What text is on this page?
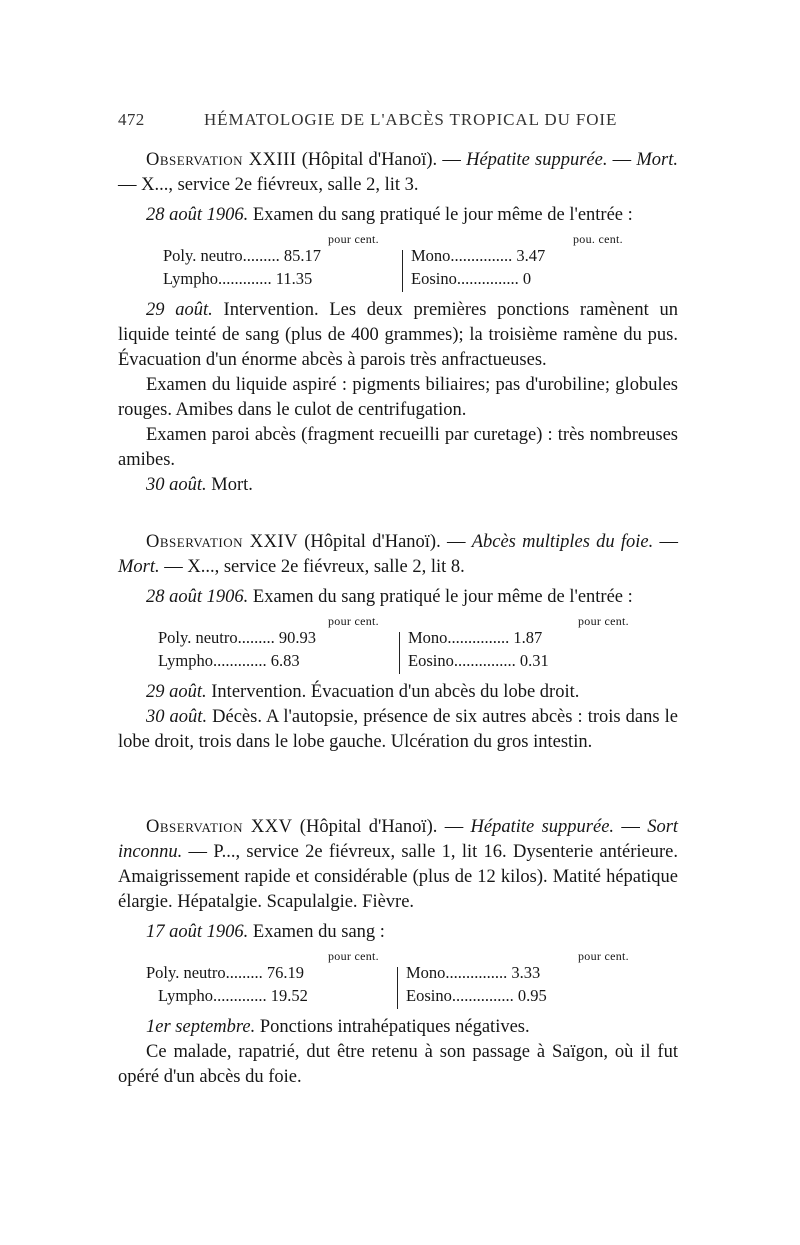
472	HÉMATOLOGIE DE L'ABCÈS TROPICAL DU FOIE

Observation XXIII (Hôpital d'Hanoï). — Hépatite suppurée. — Mort. — X..., service 2e fiévreux, salle 2, lit 3.

28 août 1906. Examen du sang pratiqué le jour même de l'entrée :

pour cent.	pou. cent.
Poly. neutro......... 85.17	Mono............... 3.47
Lympho............. 11.35	Eosino............... 0

29 août. Intervention. Les deux premières ponctions ramènent un liquide teinté de sang (plus de 400 grammes); la troisième ramène du pus. Évacuation d'un énorme abcès à parois très anfractueuses.

Examen du liquide aspiré : pigments biliaires; pas d'urobiline; globules rouges. Amibes dans le culot de centrifugation.

Examen paroi abcès (fragment recueilli par curetage) : très nombreuses amibes.

30 août. Mort.

Observation XXIV (Hôpital d'Hanoï). — Abcès multiples du foie. — Mort. — X..., service 2e fiévreux, salle 2, lit 8.

28 août 1906. Examen du sang pratiqué le jour même de l'entrée :

pour cent.	pour cent.
Poly. neutro......... 90.93	Mono............... 1.87
Lympho............. 6.83	Eosino............... 0.31

29 août. Intervention. Évacuation d'un abcès du lobe droit.

30 août. Décès. A l'autopsie, présence de six autres abcès : trois dans le lobe droit, trois dans le lobe gauche. Ulcération du gros intestin.

Observation XXV (Hôpital d'Hanoï). — Hépatite suppurée. — Sort inconnu. — P..., service 2e fiévreux, salle 1, lit 16. Dysenterie antérieure. Amaigrissement rapide et considérable (plus de 12 kilos). Matité hépatique élargie. Hépatalgie. Scapulalgie. Fièvre.

17 août 1906. Examen du sang :

pour cent.	pour cent.
Poly. neutro......... 76.19	Mono............... 3.33
Lympho............. 19.52	Eosino............... 0.95

1er septembre. Ponctions intrahépatiques négatives.

Ce malade, rapatrié, dut être retenu à son passage à Saïgon, où il fut opéré d'un abcès du foie.
